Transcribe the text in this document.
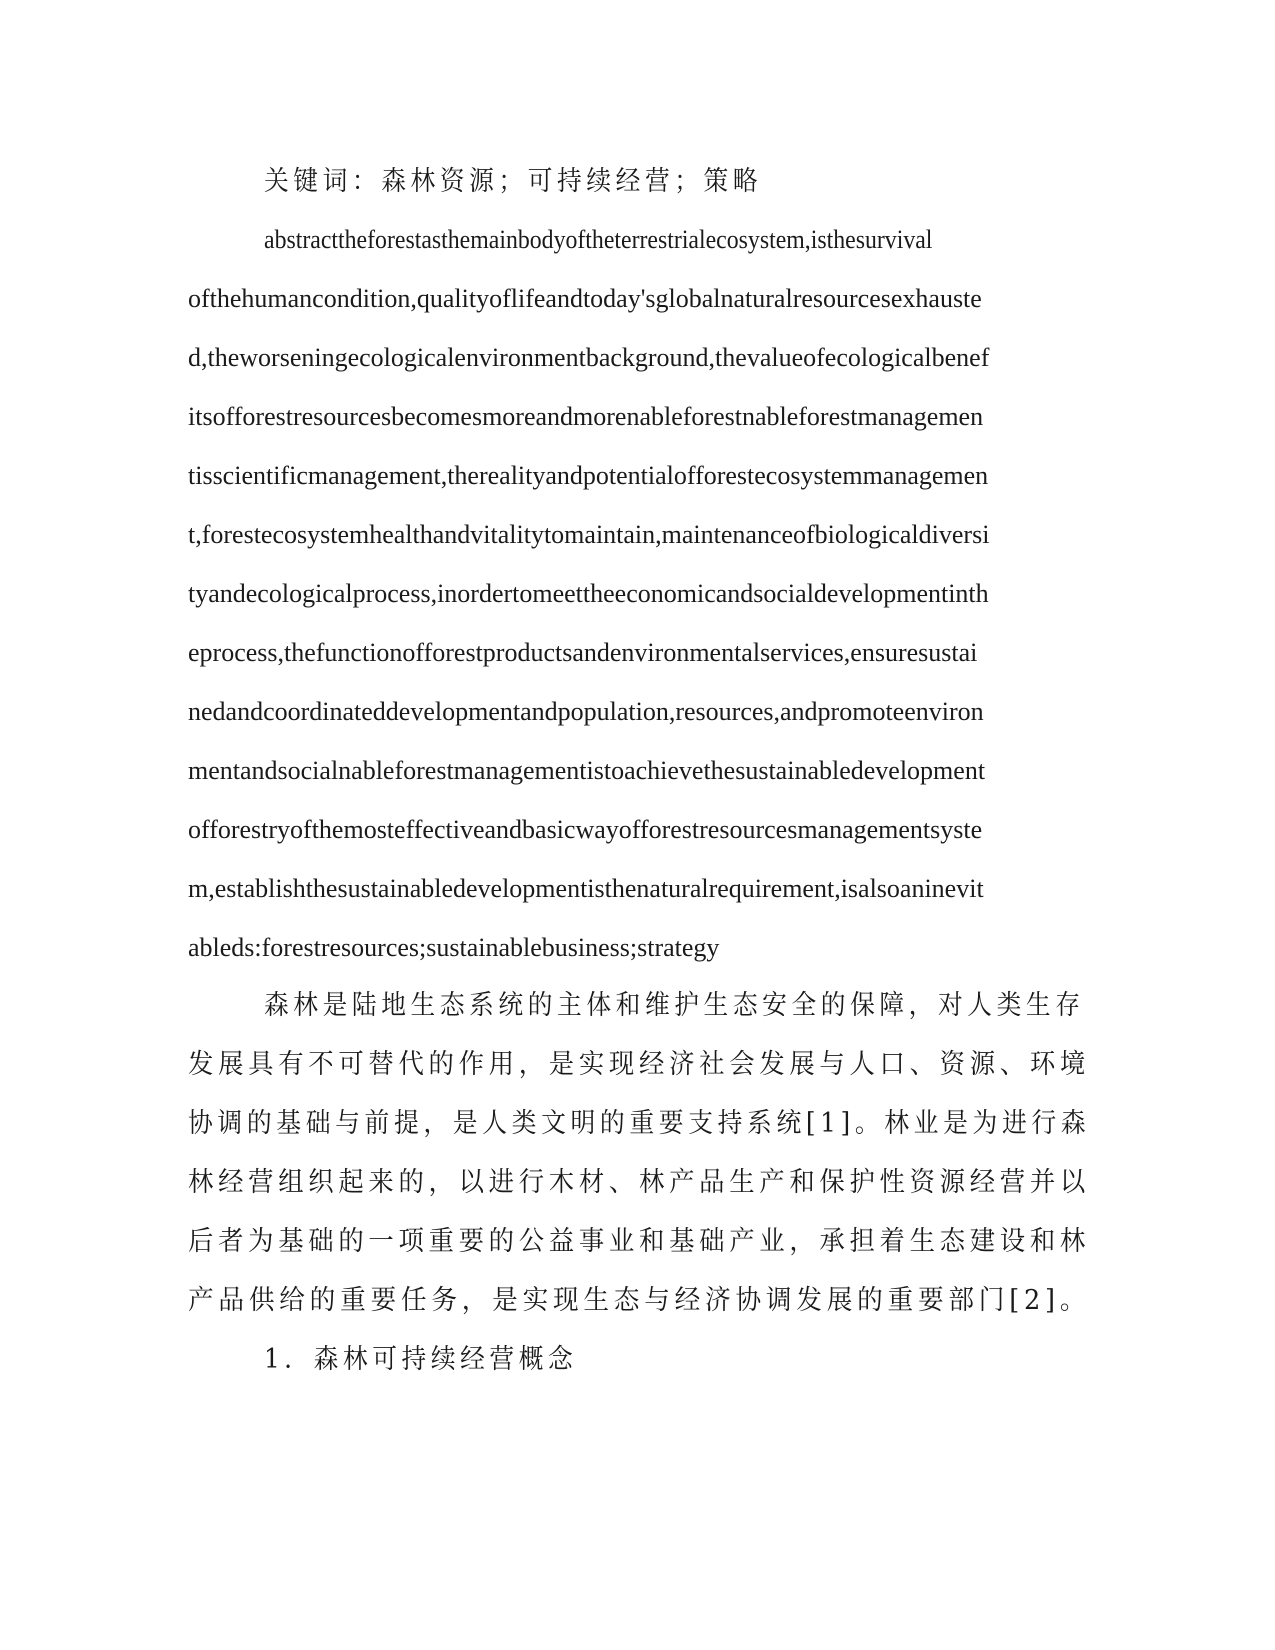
关键词：森林资源；可持续经营；策略
abstracttheforestasthemainbodyoftheterrestrialecosystem,isthesurvival
ofthehumancondition,qualityoflifeandtoday'sglobalnaturalresourcesexhauste
d,theworseningecologicalenvironmentbackground,thevalueofecologicalbenef
itsofforestresourcesbecomesmoreandmorenableforestnableforestmanagemen
tisscientificmanagement,therealityandpotentialofforestecosystemmanagemen
t,forestecosystemhealthandvitalitytomaintain,maintenanceofbiologicaldiversi
tyandecologicalprocess,inordertomeettheeconomicandsocialdevelopmentinth
eprocess,thefunctionofforestproductsandenvironmentalservices,ensuresustai
nedandcoordinateddevelopmentandpopulation,resources,andpromoteenviron
mentandsocialnableforestmanagementistoachievethesustainabledevelopment
offorestryofthemosteffectiveandbasicwayofforestresourcesmanagementsyste
m,establishthesustainabledevelopmentisthenaturalrequirement,isalsoaninevit
ableds:forestresources;sustainablebusiness;strategy
森林是陆地生态系统的主体和维护生态安全的保障，对人类生存
发展具有不可替代的作用，是实现经济社会发展与人口、资源、环境
协调的基础与前提，是人类文明的重要支持系统[1]。林业是为进行森
林经营组织起来的，以进行木材、林产品生产和保护性资源经营并以
后者为基础的一项重要的公益事业和基础产业，承担着生态建设和林
产品供给的重要任务，是实现生态与经济协调发展的重要部门[2]。
1．森林可持续经营概念
